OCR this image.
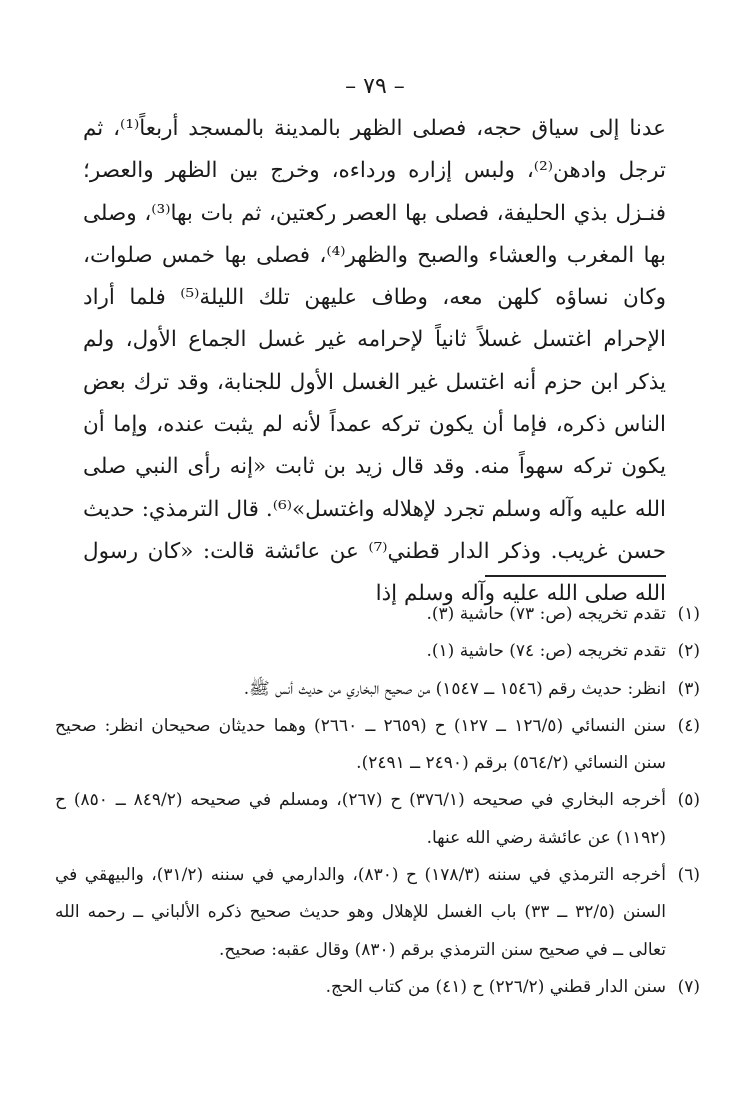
– ٧٩ –

عدنا إلى سياق حجه، فصلى الظهر بالمدينة بالمسجد أربعاً⁽¹⁾، ثم ترجل وادهن⁽²⁾، ولبس إزاره ورداءه، وخرج بين الظهر والعصر؛ فنـزل بذي الحليفة، فصلى بها العصر ركعتين، ثم بات بها⁽³⁾، وصلى بها المغرب والعشاء والصبح والظهر⁽⁴⁾، فصلى بها خمس صلوات، وكان نساؤه كلهن معه، وطاف عليهن تلك الليلة⁽⁵⁾ فلما أراد الإحرام اغتسل غسلاً ثانياً لإحرامه غير غسل الجماع الأول، ولم يذكر ابن حزم أنه اغتسل غير الغسل الأول للجنابة، وقد ترك بعض الناس ذكره، فإما أن يكون تركه عمداً لأنه لم يثبت عنده، وإما أن يكون تركه سهواً منه. وقد قال زيد بن ثابت «إنه رأى النبي صلى الله عليه وآله وسلم تجرد لإهلاله واغتسل»⁽⁶⁾. قال الترمذي: حديث حسن غريب. وذكر الدار قطني⁽⁷⁾ عن عائشة قالت: «كان رسول الله صلى الله عليه وآله وسلم إذا

(١)
تقدم تخريجه (ص: ٧٣) حاشية (٣).
(٢)
تقدم تخريجه (ص: ٧٤) حاشية (١).
(٣)
انظر: حديث رقم (١٥٤٦ ــ ١٥٤٧) من صحيح البخاري من حديث أنس ﷺ.
(٤)
سنن النسائي (١٢٦/٥ ــ ١٢٧) ح (٢٦٥٩ ــ ٢٦٦٠) وهما حديثان صحيحان انظر: صحيح سنن النسائي (٥٦٤/٢) برقم (٢٤٩٠ ــ ٢٤٩١).
(٥)
أخرجه البخاري في صحيحه (٣٧٦/١) ح (٢٦٧)، ومسلم في صحيحه (٨٤٩/٢ ــ ٨٥٠) ح (١١٩٢) عن عائشة رضي الله عنها.
(٦)
أخرجه الترمذي في سننه (١٧٨/٣) ح (٨٣٠)، والدارمي في سننه (٣١/٢)، والبيهقي في السنن (٣٢/٥ ــ ٣٣) باب الغسل للإهلال وهو حديث صحيح ذكره الألباني ــ رحمه الله تعالى ــ في صحيح سنن الترمذي برقم (٨٣٠) وقال عقبه: صحيح.
(٧)
سنن الدار قطني (٢٢٦/٢) ح (٤١) من كتاب الحج.
